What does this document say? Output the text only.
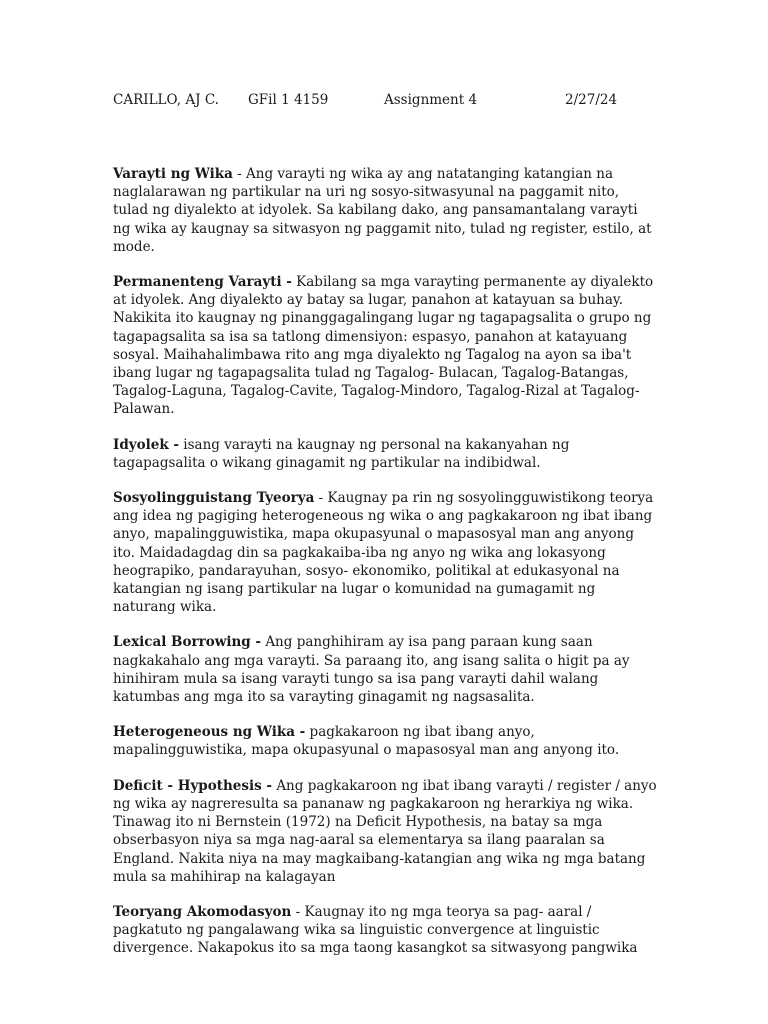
CARILLO, AJ C. GFil 1 4159	Assignment 4	2/27/24

Varayti ng Wika - Ang varayti ng wika ay ang natatanging katangian na naglalarawan ng partikular na uri ng sosyo-sitwasyunal na paggamit nito, tulad ng diyalekto at idyolek. Sa kabilang dako, ang pansamantalang varayti ng wika ay kaugnay sa sitwasyon ng paggamit nito, tulad ng register, estilo, at mode.

Permanenteng Varayti - Kabilang sa mga varayting permanente ay diyalekto at idyolek. Ang diyalekto ay batay sa lugar, panahon at katayuan sa buhay. Nakikita ito kaugnay ng pinanggagalingang lugar ng tagapagsalita o grupo ng tagapagsalita sa isa sa tatlong dimensiyon: espasyo, panahon at katayuang sosyal. Maihahalimbawa rito ang mga diyalekto ng Tagalog na ayon sa iba't ibang lugar ng tagapagsalita tulad ng Tagalog- Bulacan, Tagalog-Batangas, Tagalog-Laguna, Tagalog-Cavite, Tagalog-Mindoro, Tagalog-Rizal at Tagalog-Palawan.

Idyolek - isang varayti na kaugnay ng personal na kakanyahan ng tagapagsalita o wikang ginagamit ng partikular na indibidwal.

Sosyolingguistang Tyeorya - Kaugnay pa rin ng sosyolingguwistikong teorya ang idea ng pagiging heterogeneous ng wika o ang pagkakaroon ng ibat ibang anyo, mapalingguwistika, mapa okupasyunal o mapasosyal man ang anyong ito. Maidadagdag din sa pagkakaiba-iba ng anyo ng wika ang lokasyong heograpiko, pandarayuhan, sosyo- ekonomiko, politikal at edukasyonal na katangian ng isang partikular na lugar o komunidad na gumagamit ng naturang wika.

Lexical Borrowing - Ang panghihiram ay isa pang paraan kung saan nagkakahalo ang mga varayti. Sa paraang ito, ang isang salita o higit pa ay hinihiram mula sa isang varayti tungo sa isa pang varayti dahil walang katumbas ang mga ito sa varayting ginagamit ng nagsasalita.

Heterogeneous ng Wika - pagkakaroon ng ibat ibang anyo, mapalingguwistika, mapa okupasyunal o mapasosyal man ang anyong ito.

Deficit - Hypothesis - Ang pagkakaroon ng ibat ibang varayti / register / anyo ng wika ay nagreresulta sa pananaw ng pagkakaroon ng herarkiya ng wika. Tinawag ito ni Bernstein (1972) na Deficit Hypothesis, na batay sa mga obserbasyon niya sa mga nag-aaral sa elementarya sa ilang paaralan sa England. Nakita niya na may magkaibang-katangian ang wika ng mga batang mula sa mahihirap na kalagayan

Teoryang Akomodasyon - Kaugnay ito ng mga teorya sa pag- aaral / pagkatuto ng pangalawang wika sa linguistic convergence at linguistic divergence. Nakapokus ito sa mga taong kasangkot sa sitwasyong pangwika
